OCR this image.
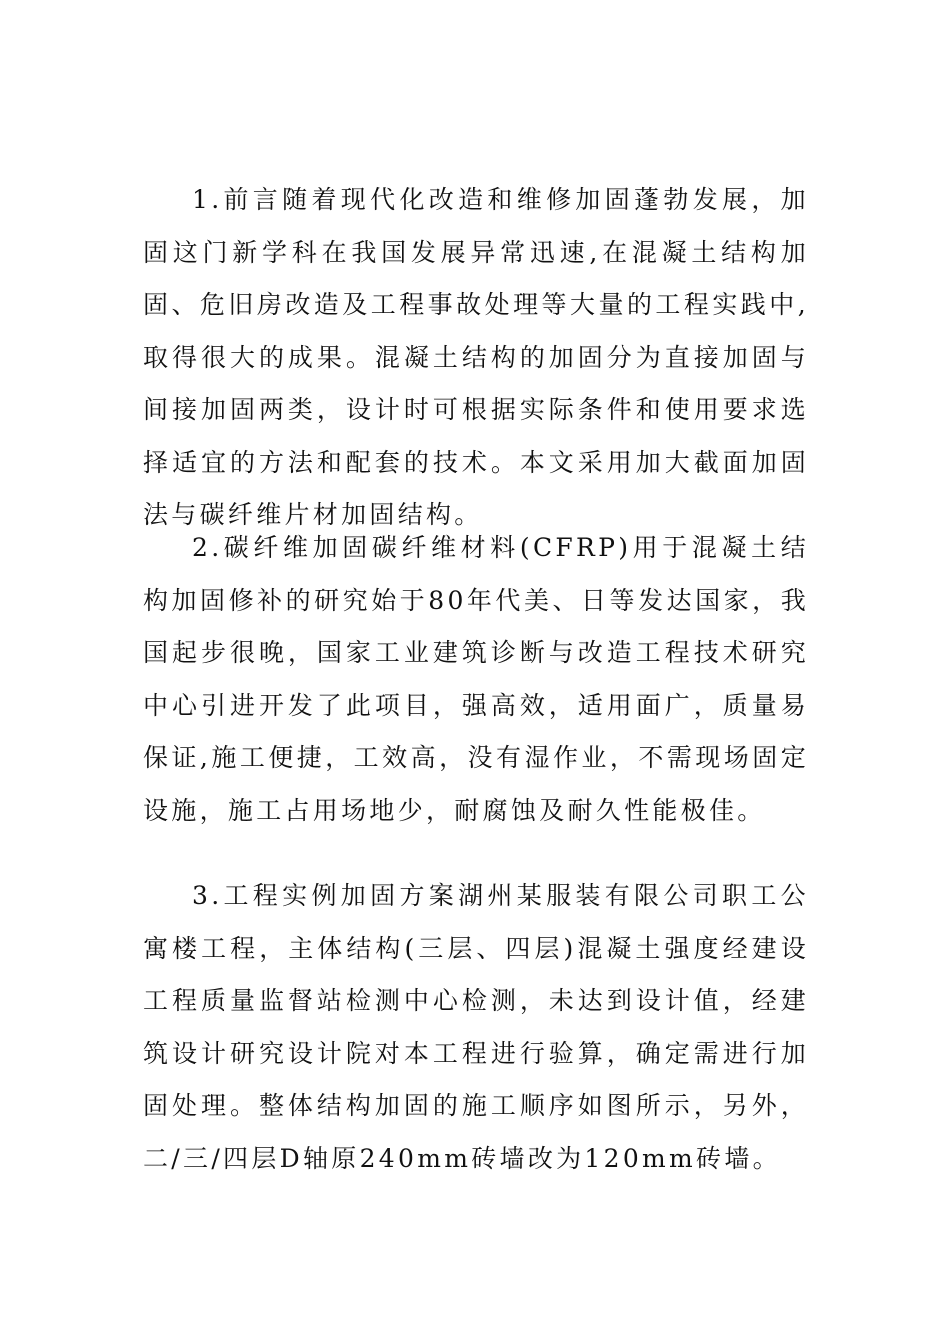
1.前言随着现代化改造和维修加固蓬勃发展，加固这门新学科在我国发展异常迅速,在混凝土结构加固、危旧房改造及工程事故处理等大量的工程实践中,取得很大的成果。混凝土结构的加固分为直接加固与间接加固两类，设计时可根据实际条件和使用要求选择适宜的方法和配套的技术。本文采用加大截面加固法与碳纤维片材加固结构。

2.碳纤维加固碳纤维材料(CFRP)用于混凝土结构加固修补的研究始于80年代美、日等发达国家，我国起步很晚，国家工业建筑诊断与改造工程技术研究中心引进开发了此项目，强高效，适用面广，质量易保证,施工便捷，工效高，没有湿作业，不需现场固定设施，施工占用场地少，耐腐蚀及耐久性能极佳。

3.工程实例加固方案湖州某服装有限公司职工公寓楼工程，主体结构(三层、四层)混凝土强度经建设工程质量监督站检测中心检测，未达到设计值，经建筑设计研究设计院对本工程进行验算，确定需进行加固处理。整体结构加固的施工顺序如图所示，另外，二/三/四层D轴原240mm砖墙改为120mm砖墙。
